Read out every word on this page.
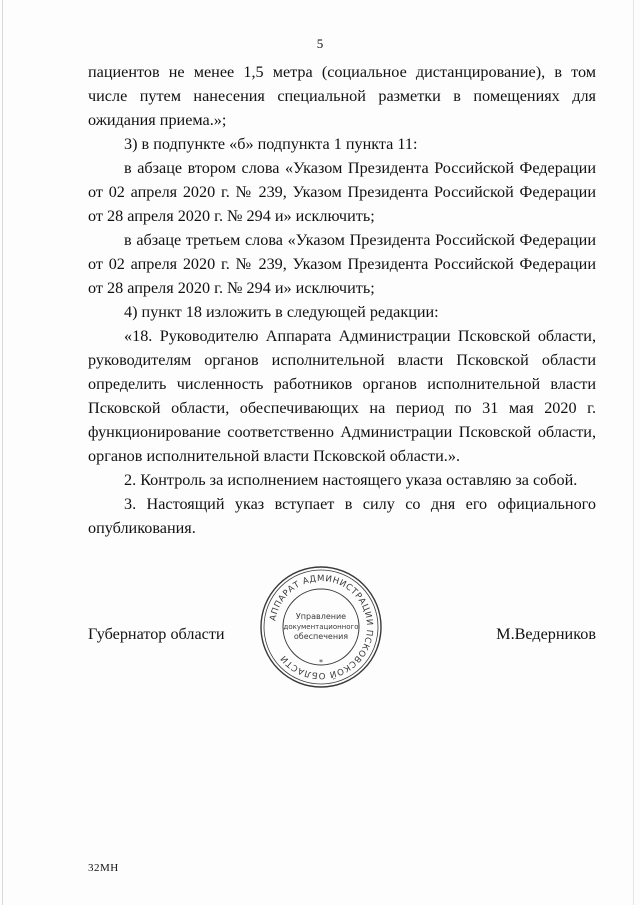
5

пациентов не менее 1,5 метра (социальное дистанцирование), в том числе путем нанесения специальной разметки в помещениях для ожидания приема.»;

3) в подпункте «б» подпункта 1 пункта 11:

в абзаце втором слова «Указом Президента Российской Федерации от 02 апреля 2020 г. № 239, Указом Президента Российской Федерации от 28 апреля 2020 г. № 294 и» исключить;

в абзаце третьем слова «Указом Президента Российской Федерации от 02 апреля 2020 г. № 239, Указом Президента Российской Федерации от 28 апреля 2020 г. № 294 и» исключить;

4) пункт 18 изложить в следующей редакции:

«18. Руководителю Аппарата Администрации Псковской области, руководителям органов исполнительной власти Псковской области определить численность работников органов исполнительной власти Псковской области, обеспечивающих на период по 31 мая 2020 г. функционирование соответственно Администрации Псковской области, органов исполнительной власти Псковской области.».

2. Контроль за исполнением настоящего указа оставляю за собой.

3. Настоящий указ вступает в силу со дня его официального опубликования.

АППАРАТ АДМИНИСТРАЦИИ ПСКОВСКОЙ ОБЛАСТИ	*
Управление
документационного
обеспечения
Губернатор области	М.Ведерников
32МН
